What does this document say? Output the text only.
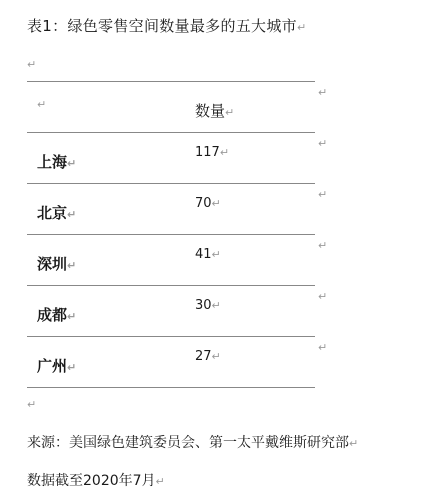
表1：绿色零售空间数量最多的五大城市↵
↵
↵	数量↵
↵
上海↵
117↵
↵
北京↵
70↵
↵
深圳↵
41↵
↵
成都↵
30↵
↵
广州↵
27↵
↵
↵
来源：美国绿色建筑委员会、第一太平戴维斯研究部↵
数据截至2020年7月↵
